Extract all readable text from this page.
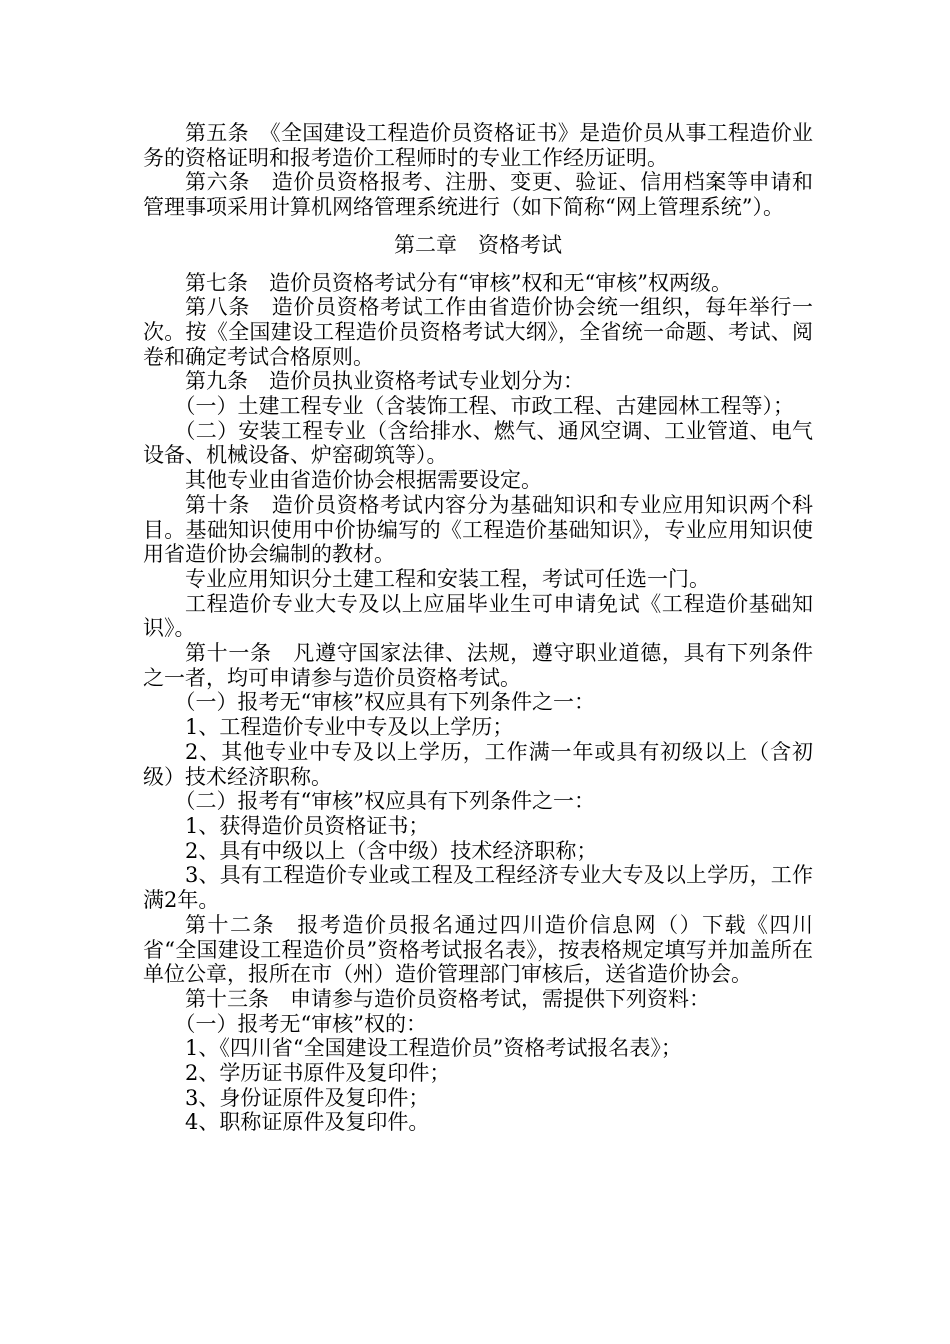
第五条　《全国建设工程造价员资格证书》是造价员从事工程造价业务的资格证明和报考造价工程师时的专业工作经历证明。

第六条　造价员资格报考、注册、变更、验证、信用档案等申请和管理事项采用计算机网络管理系统进行（如下简称“网上管理系统”）。

第二章　资格考试

第七条　造价员资格考试分有“审核”权和无“审核”权两级。

第八条　造价员资格考试工作由省造价协会统一组织，每年举行一次。按《全国建设工程造价员资格考试大纲》，全省统一命题、考试、阅卷和确定考试合格原则。

第九条　造价员执业资格考试专业划分为：

（一）土建工程专业（含装饰工程、市政工程、古建园林工程等）；

（二）安装工程专业（含给排水、燃气、通风空调、工业管道、电气设备、机械设备、炉窑砌筑等）。

其他专业由省造价协会根据需要设定。

第十条　造价员资格考试内容分为基础知识和专业应用知识两个科目。基础知识使用中价协编写的《工程造价基础知识》，专业应用知识使用省造价协会编制的教材。

专业应用知识分土建工程和安装工程，考试可任选一门。

工程造价专业大专及以上应届毕业生可申请免试《工程造价基础知识》。

第十一条　凡遵守国家法律、法规，遵守职业道德，具有下列条件之一者，均可申请参与造价员资格考试。

（一）报考无“审核”权应具有下列条件之一：

1、工程造价专业中专及以上学历；

2、其他专业中专及以上学历，工作满一年或具有初级以上（含初级）技术经济职称。

（二）报考有“审核”权应具有下列条件之一：

1、获得造价员资格证书；

2、具有中级以上（含中级）技术经济职称；

3、具有工程造价专业或工程及工程经济专业大专及以上学历，工作满2年。

第十二条　报考造价员报名通过四川造价信息网（）下载《四川省“全国建设工程造价员”资格考试报名表》，按表格规定填写并加盖所在单位公章，报所在市（州）造价管理部门审核后，送省造价协会。

第十三条　申请参与造价员资格考试，需提供下列资料：

（一）报考无“审核”权的：

1、《四川省“全国建设工程造价员”资格考试报名表》；

2、学历证书原件及复印件；

3、身份证原件及复印件；

4、职称证原件及复印件。
